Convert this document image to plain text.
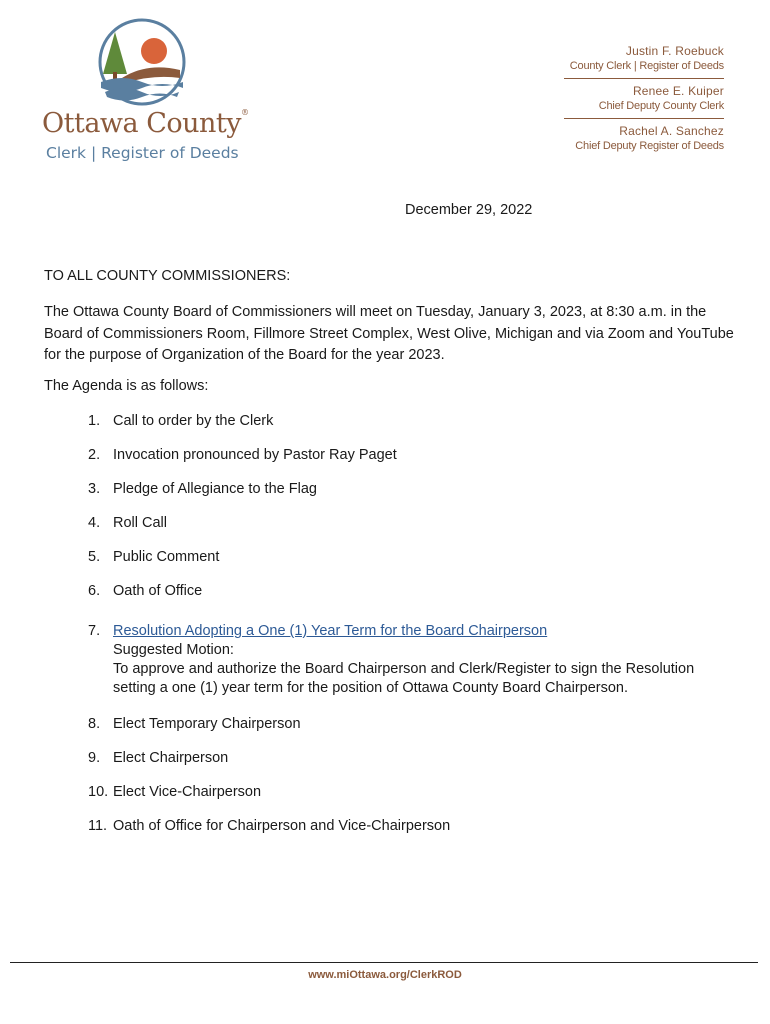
Ottawa County®
Clerk | Register of Deeds
Justin F. Roebuck
County Clerk | Register of Deeds
Renee E. Kuiper
Chief Deputy County Clerk
Rachel A. Sanchez
Chief Deputy Register of Deeds
December 29, 2022
TO ALL COUNTY COMMISSIONERS:
The Ottawa County Board of Commissioners will meet on Tuesday, January 3, 2023, at 8:30 a.m. in the Board of Commissioners Room, Fillmore Street Complex, West Olive, Michigan and via Zoom and YouTube for the purpose of Organization of the Board for the year 2023.
The Agenda is as follows:
1. Call to order by the Clerk
2. Invocation pronounced by Pastor Ray Paget
3. Pledge of Allegiance to the Flag
4. Roll Call
5. Public Comment
6. Oath of Office
7. Resolution Adopting a One (1) Year Term for the Board Chairperson
Suggested Motion:
To approve and authorize the Board Chairperson and Clerk/Register to sign the Resolution setting a one (1) year term for the position of Ottawa County Board Chairperson.
8. Elect Temporary Chairperson
9. Elect Chairperson
10. Elect Vice-Chairperson
11. Oath of Office for Chairperson and Vice-Chairperson
www.miOttawa.org/ClerkROD
